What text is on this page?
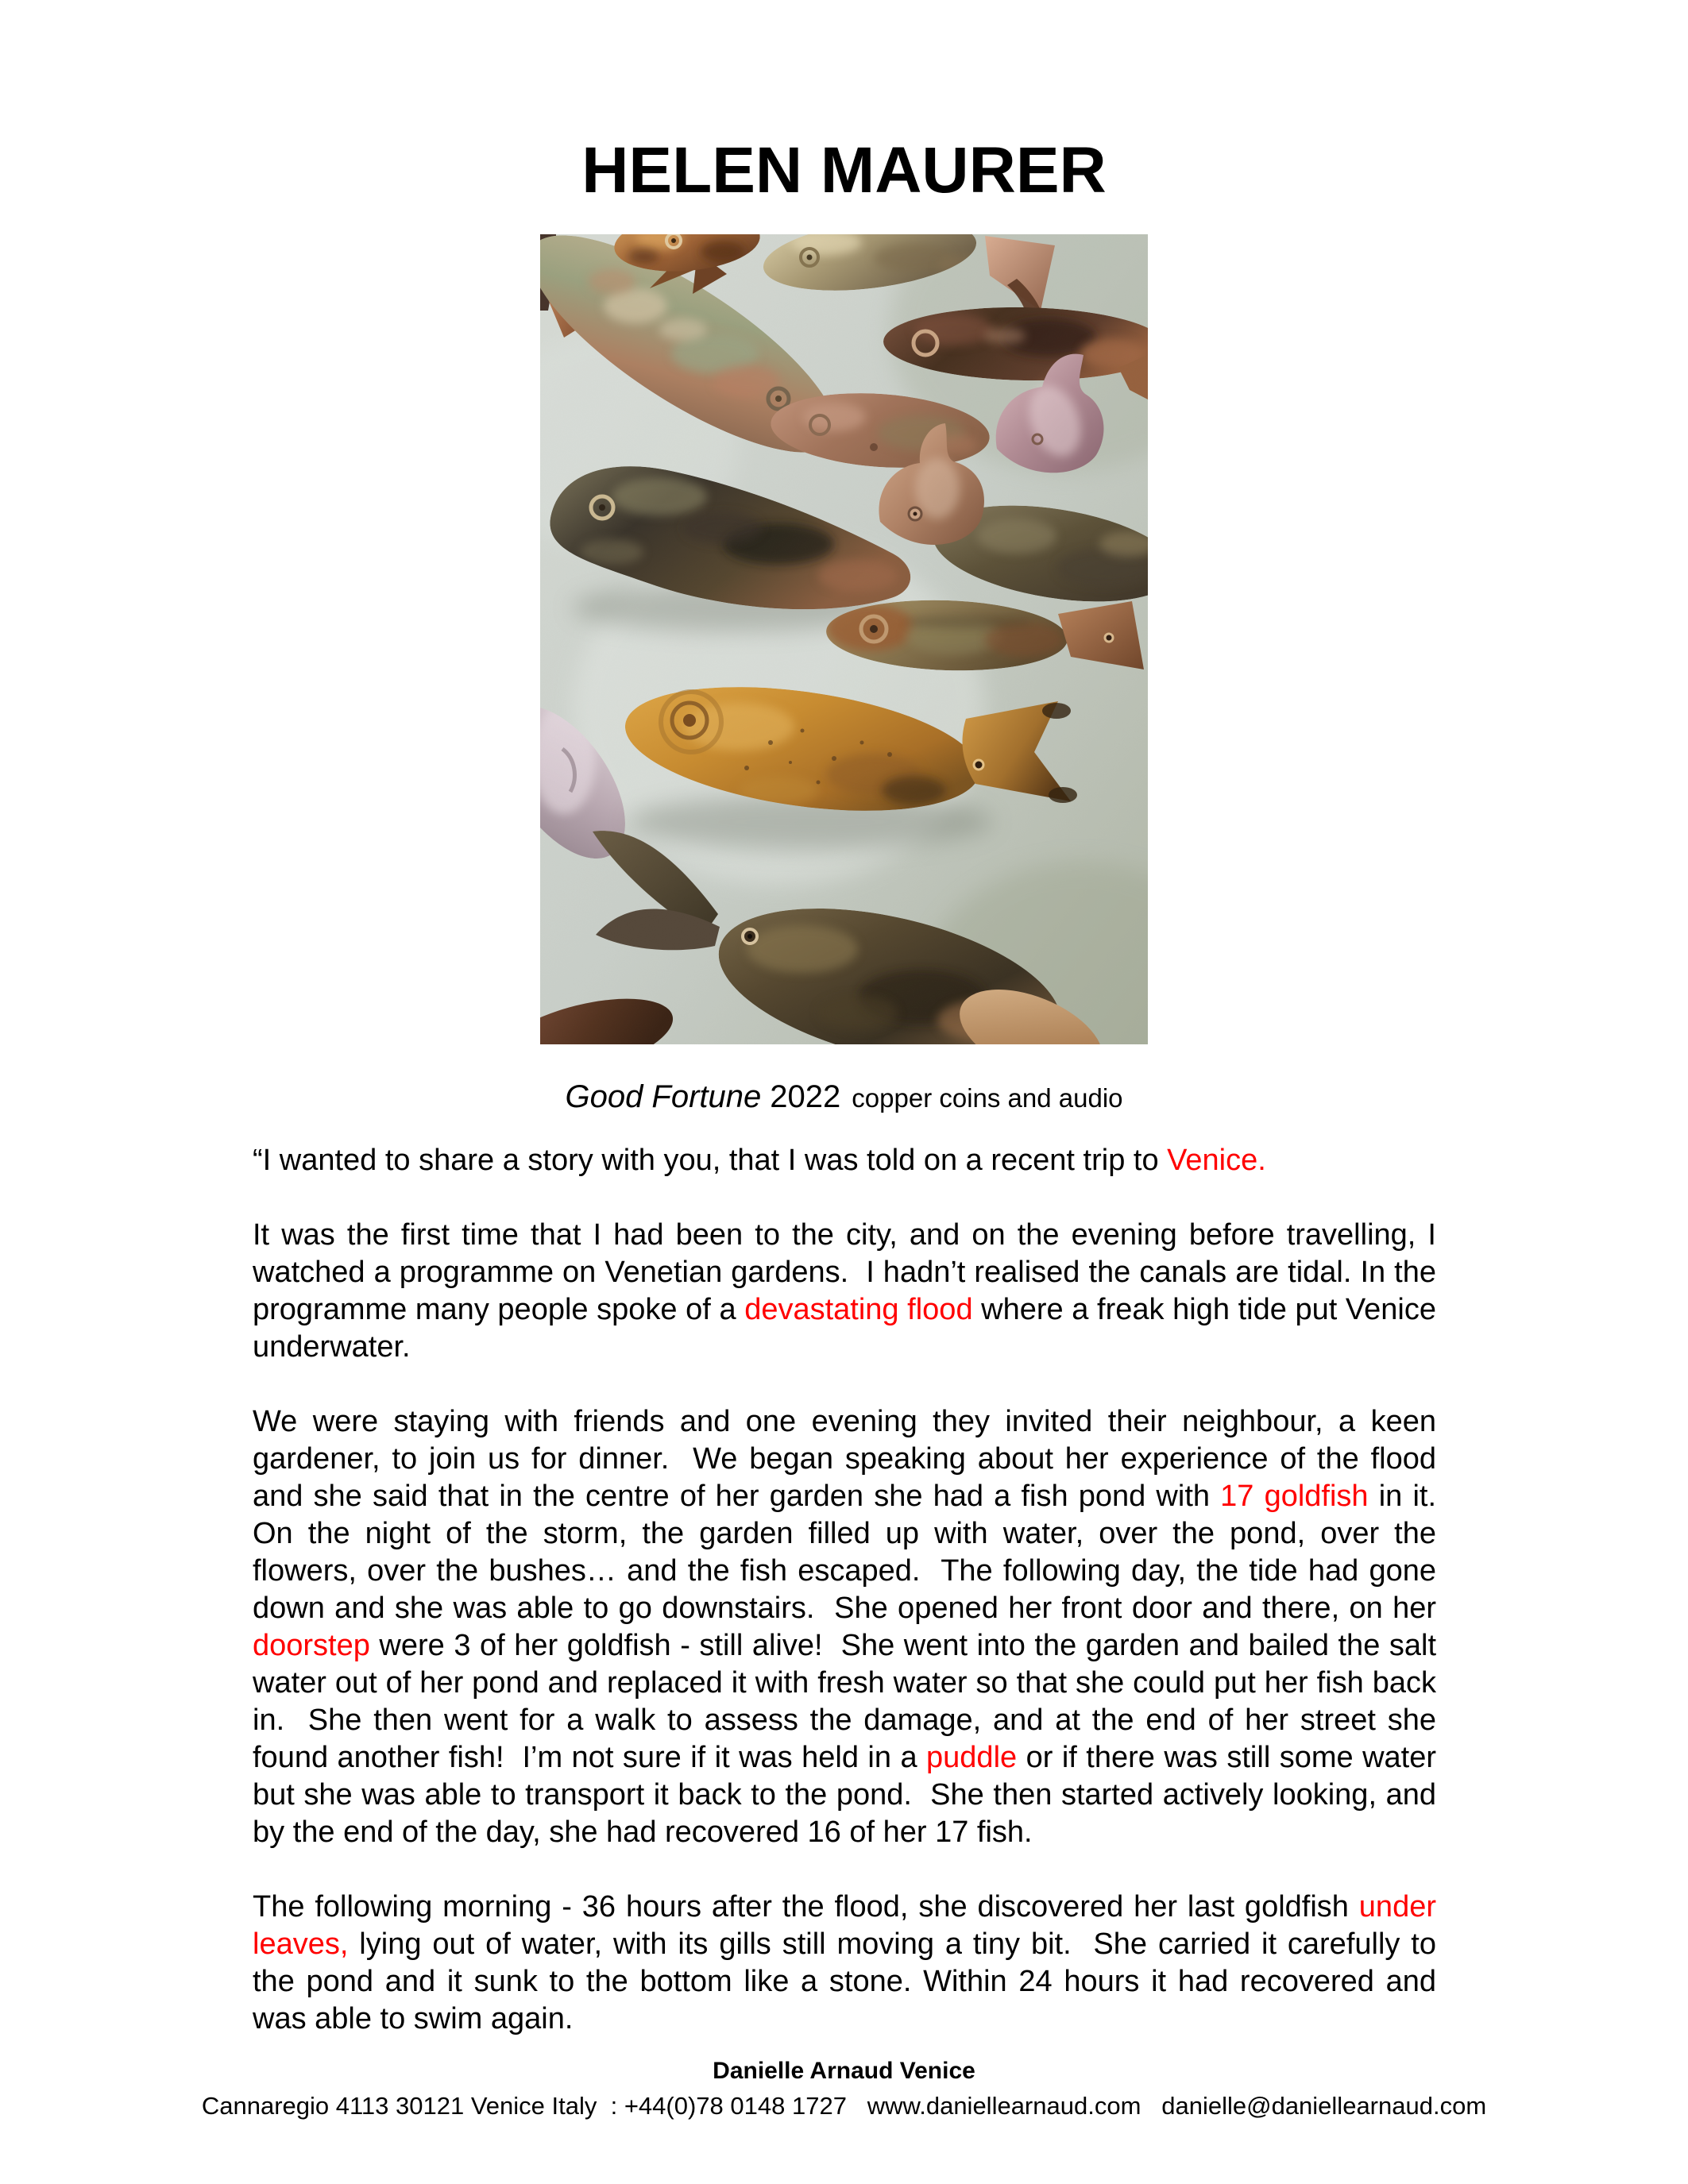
HELEN MAURER
Good Fortune 2022 copper coins and audio

“I wanted to share a story with you, that I was told on a recent trip to Venice.

It was the first time that I had been to the city, and on the evening before travelling, I watched a programme on Venetian gardens.  I hadn’t realised the canals are tidal. In the programme many people spoke of a devastating flood where a freak high tide put Venice underwater.

We were staying with friends and one evening they invited their neighbour, a keen gardener, to join us for dinner.  We began speaking about her experience of the flood and she said that in the centre of her garden she had a fish pond with 17 goldfish in it.  On the night of the storm, the garden filled up with water, over the pond, over the flowers, over the bushes… and the fish escaped.  The following day, the tide had gone down and she was able to go downstairs.  She opened her front door and there, on her doorstep were 3 of her goldfish - still alive!  She went into the garden and bailed the salt water out of her pond and replaced it with fresh water so that she could put her fish back in.  She then went for a walk to assess the damage, and at the end of her street she found another fish!  I’m not sure if it was held in a puddle or if there was still some water but she was able to transport it back to the pond.  She then started actively looking, and by the end of the day, she had recovered 16 of her 17 fish.

The following morning - 36 hours after the flood, she discovered her last goldfish under leaves, lying out of water, with its gills still moving a tiny bit.  She carried it carefully to the pond and it sunk to the bottom like a stone. Within 24 hours it had recovered and was able to swim again.

Danielle Arnaud Venice
Cannaregio 4113 30121 Venice Italy  : +44(0)78 0148 1727   www.daniellearnaud.com   danielle@daniellearnaud.com
